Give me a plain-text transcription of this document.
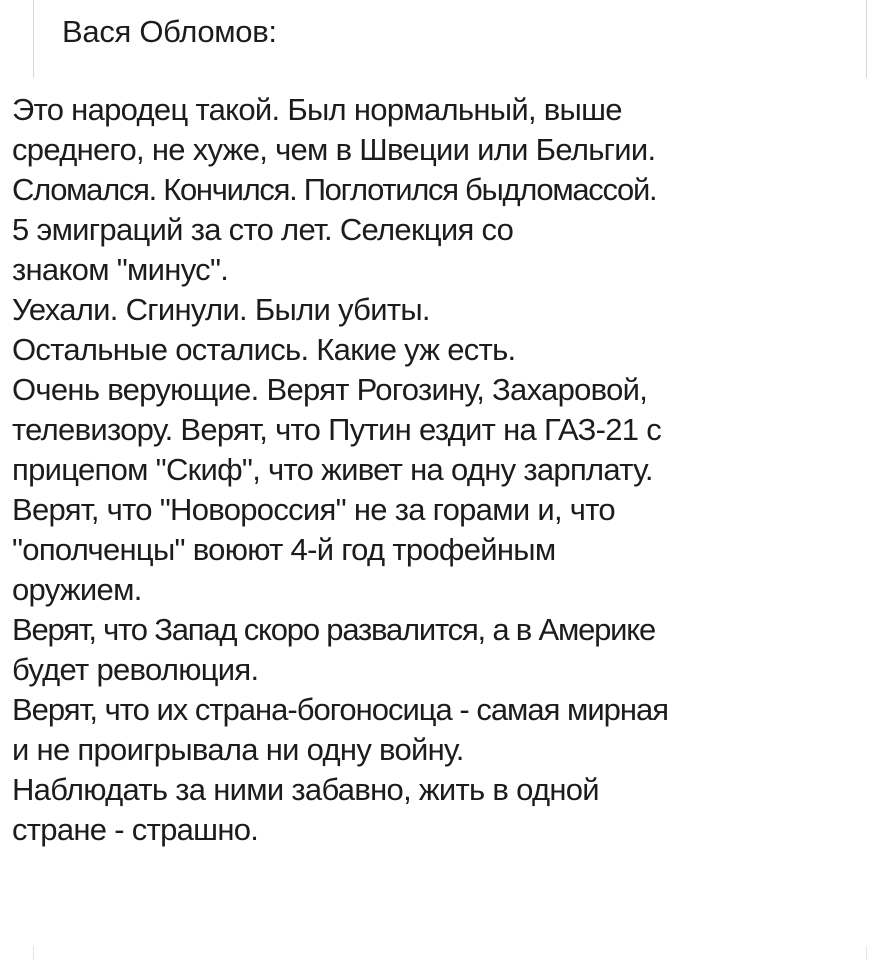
Вася Обломов:
Это народец такой. Был нормальный, выше
среднего, не хуже, чем в Швеции или Бельгии.
Сломался. Кончился. Поглотился быдломассой.
5 эмиграций за сто лет. Селекция со
знаком "минус".
Уехали. Сгинули. Были убиты.
Остальные остались. Какие уж есть.
Очень верующие. Верят Рогозину, Захаровой,
телевизору. Верят, что Путин ездит на ГАЗ-21 с
прицепом "Скиф", что живет на одну зарплату.
Верят, что "Новороссия" не за горами и, что
"ополченцы" воюют 4-й год трофейным
оружием.
Верят, что Запад скоро развалится, а в Америке
будет революция.
Верят, что их страна-богоносица - самая мирная
и не проигрывала ни одну войну.
Наблюдать за ними забавно, жить в одной
стране - страшно.
